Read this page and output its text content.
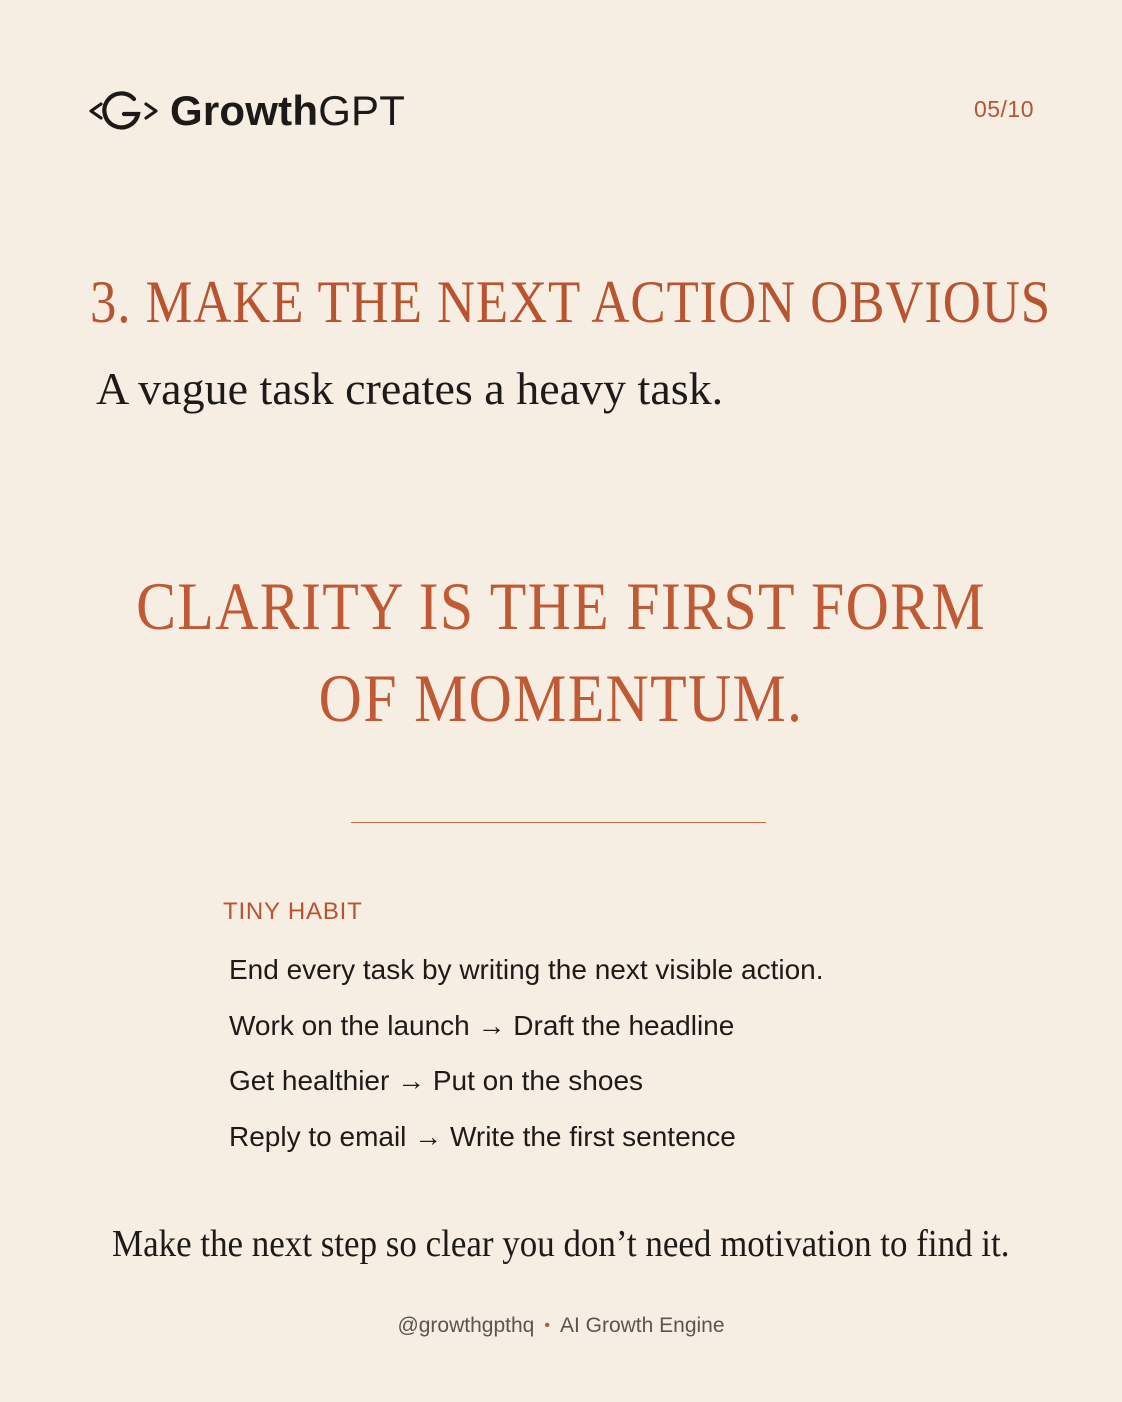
GrowthGPT	05/10
3. MAKE THE NEXT ACTION OBVIOUS
A vague task creates a heavy task.
CLARITY IS THE FIRST FORM
OF MOMENTUM.
TINY HABIT
End every task by writing the next visible action.
Work on the launch → Draft the headline
Get healthier → Put on the shoes
Reply to email → Write the first sentence
Make the next step so clear you don’t need motivation to find it.
@growthgpthq • AI Growth Engine
